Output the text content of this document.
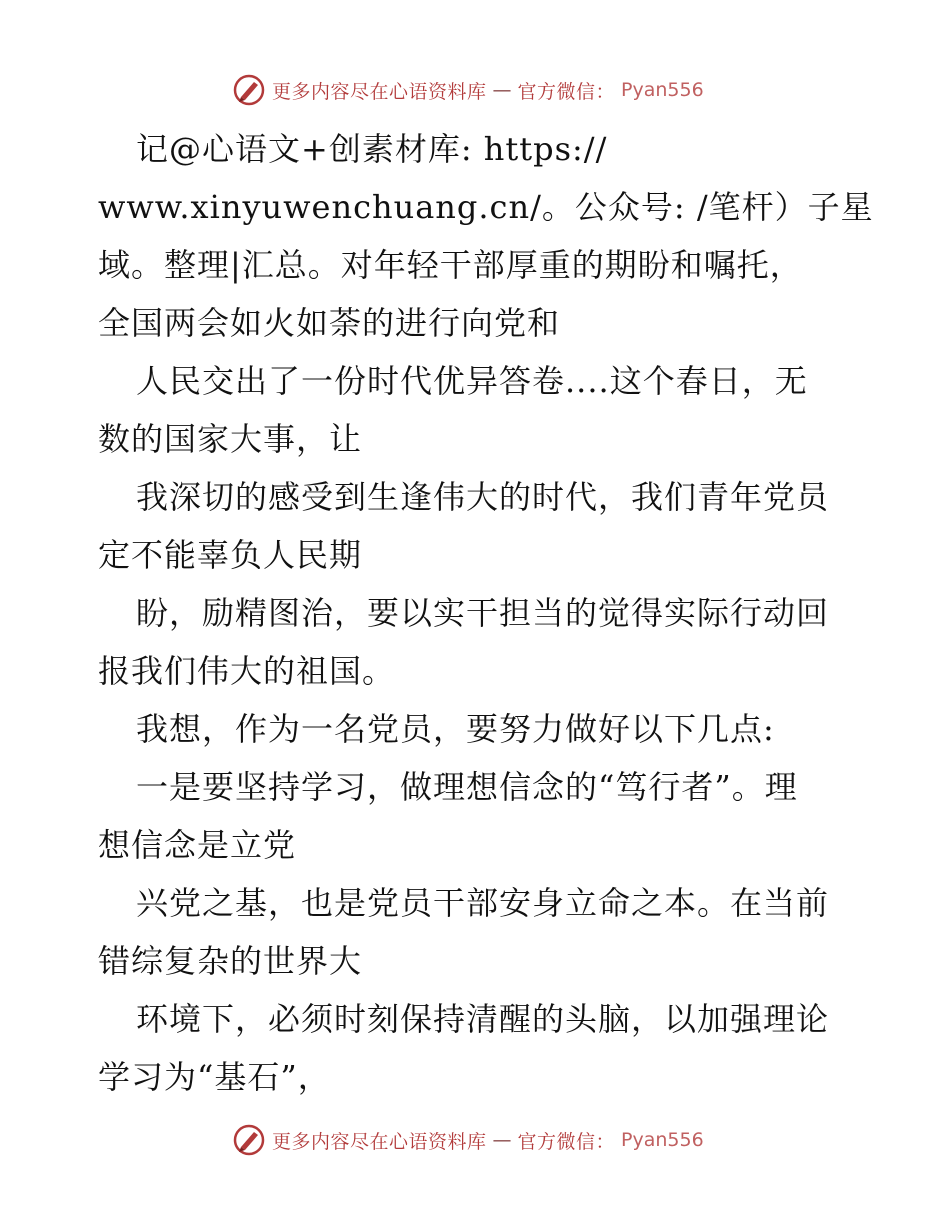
更多内容尽在心语资料库 — 官方微信： Pyan556
记@心语文+创素材库: https://
www.xinyuwenchuang.cn/。公众号: /笔杆）子星
域。整理|汇总。对年轻干部厚重的期盼和嘱托，
全国两会如火如荼的进行向党和
人民交出了一份时代优异答卷....这个春日，无
数的国家大事，让
我深切的感受到生逢伟大的时代，我们青年党员
定不能辜负人民期
盼，励精图治，要以实干担当的觉得实际行动回
报我们伟大的祖国。
我想，作为一名党员，要努力做好以下几点:
一是要坚持学习，做理想信念的“笃行者”。理
想信念是立党
兴党之基，也是党员干部安身立命之本。在当前
错综复杂的世界大
环境下，必须时刻保持清醒的头脑，以加强理论
学习为“基石”，
更多内容尽在心语资料库 — 官方微信： Pyan556
